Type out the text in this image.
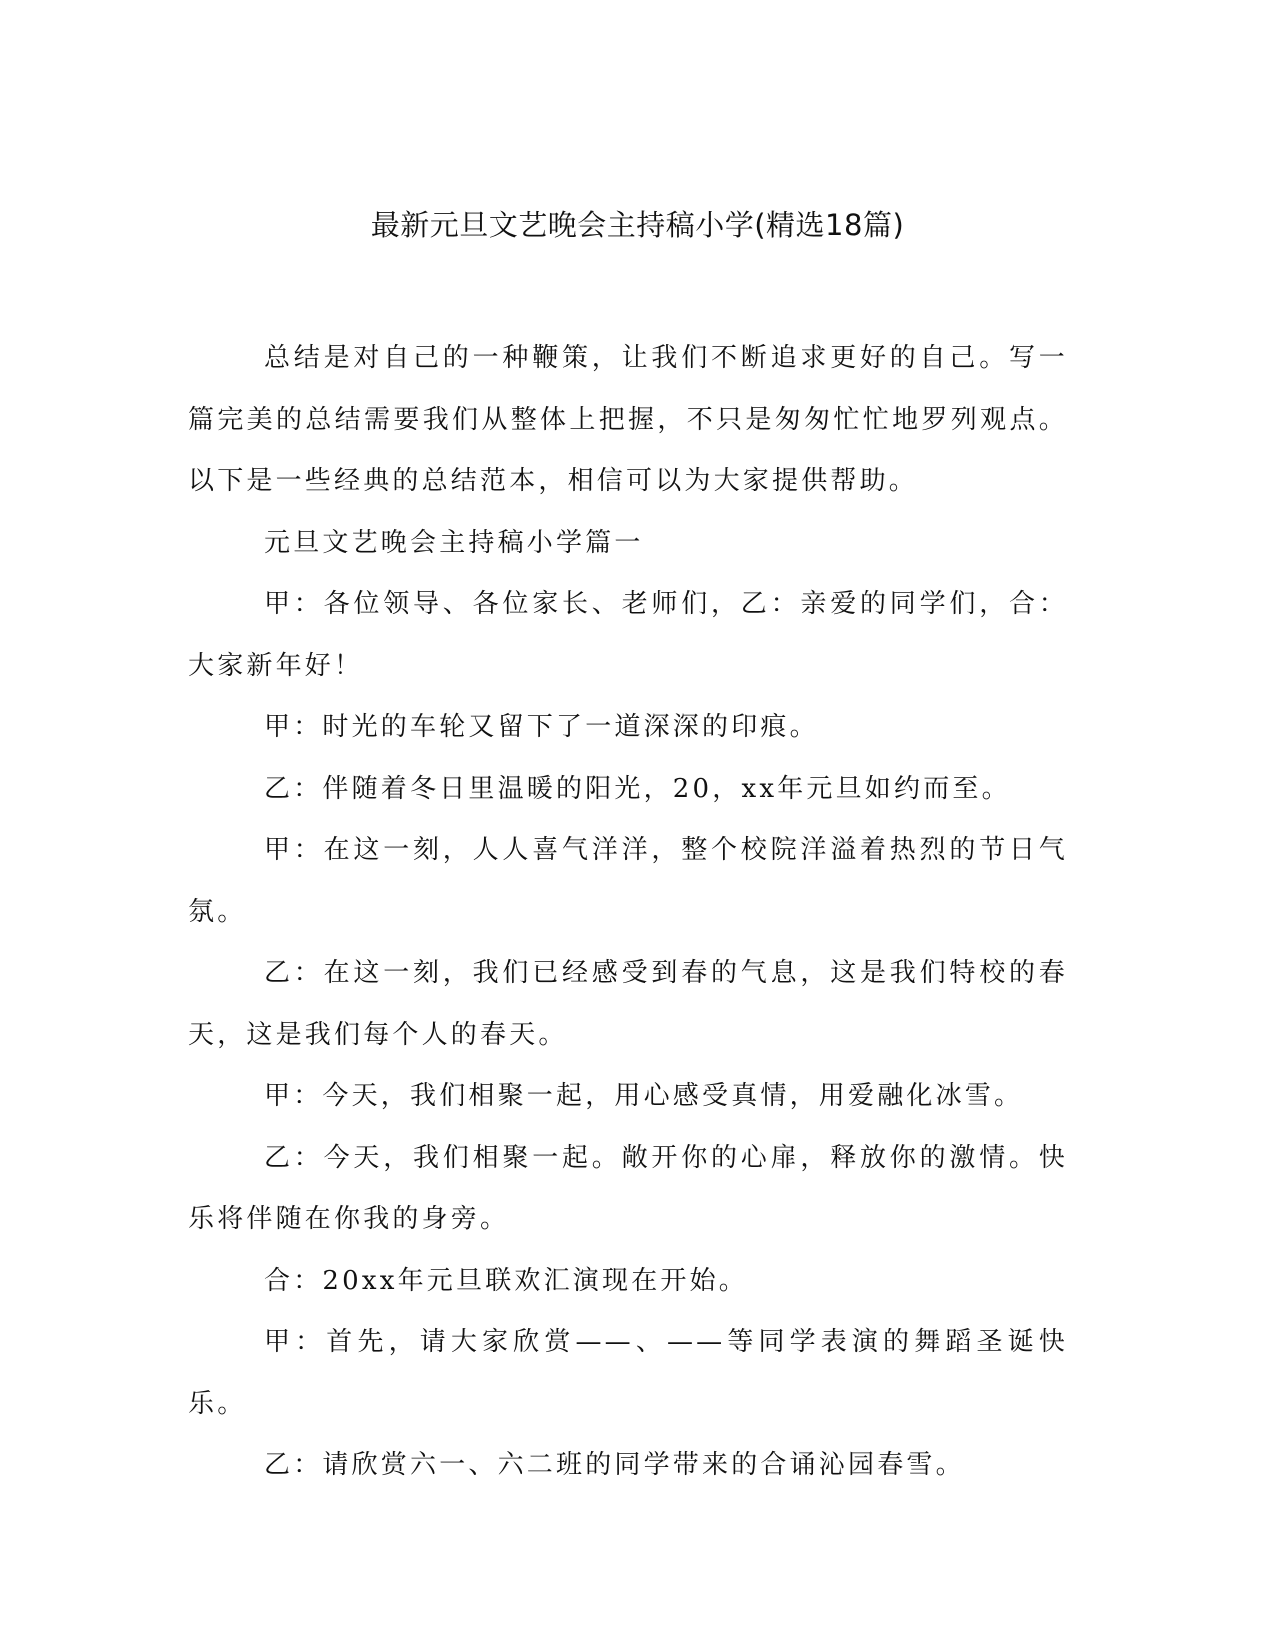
最新元旦文艺晚会主持稿小学(精选18篇)

总结是对自己的一种鞭策，让我们不断追求更好的自己。写一篇完美的总结需要我们从整体上把握，不只是匆匆忙忙地罗列观点。以下是一些经典的总结范本，相信可以为大家提供帮助。

元旦文艺晚会主持稿小学篇一

甲：各位领导、各位家长、老师们，乙：亲爱的同学们，合：大家新年好！

甲：时光的车轮又留下了一道深深的印痕。

乙：伴随着冬日里温暖的阳光，20，xx年元旦如约而至。

甲：在这一刻，人人喜气洋洋，整个校院洋溢着热烈的节日气氛。

乙：在这一刻，我们已经感受到春的气息，这是我们特校的春天，这是我们每个人的春天。

甲：今天，我们相聚一起，用心感受真情，用爱融化冰雪。

乙：今天，我们相聚一起。敞开你的心扉，释放你的激情。快乐将伴随在你我的身旁。

合：20xx年元旦联欢汇演现在开始。

甲：首先，请大家欣赏——、——等同学表演的舞蹈圣诞快乐。

乙：请欣赏六一、六二班的同学带来的合诵沁园春雪。
